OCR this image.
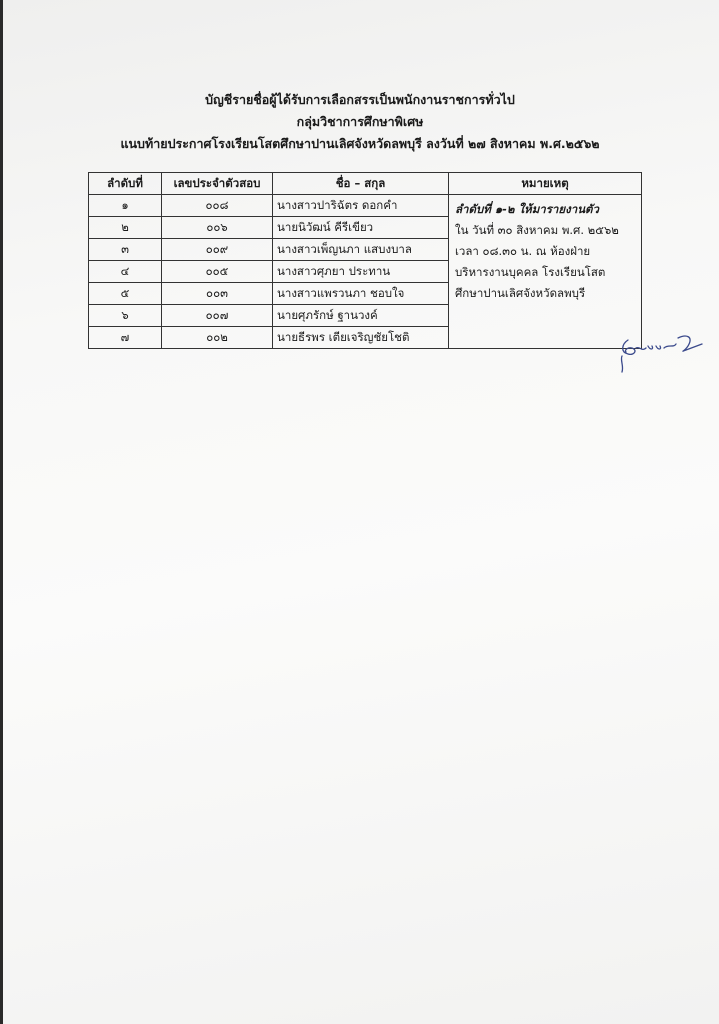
บัญชีรายชื่อผู้ได้รับการเลือกสรรเป็นพนักงานราชการทั่วไป
กลุ่มวิชาการศึกษาพิเศษ
แนบท้ายประกาศโรงเรียนโสตศึกษาปานเลิศจังหวัดลพบุรี ลงวันที่ ๒๗ สิงหาคม พ.ศ.๒๕๖๒
ลำดับที่	เลขประจำตัวสอบ	ชื่อ – สกุล	หมายเหตุ
๑	๐๐๘	นางสาวปาริฉัตร ดอกคำ	ลำดับที่ ๑-๒ ให้มารายงานตัว
ใน วันที่ ๓๐ สิงหาคม พ.ศ. ๒๕๖๒
เวลา ๐๘.๓๐ น. ณ ห้องฝ่าย
บริหารงานบุคคล โรงเรียนโสต
ศึกษาปานเลิศจังหวัดลพบุรี

๒	๐๐๖	นายนิวัฒน์ คีรีเขียว	
๓	๐๐๙	นางสาวเพ็ญนภา แสบงบาล	
๔	๐๐๕	นางสาวศุภยา ประทาน	
๕	๐๐๓	นางสาวแพรวนภา ชอบใจ	
๖	๐๐๗	นายศุภรักษ์ ฐานวงค์	
๗	๐๐๒	นายธีรพร เตียเจริญชัยโชติ	
